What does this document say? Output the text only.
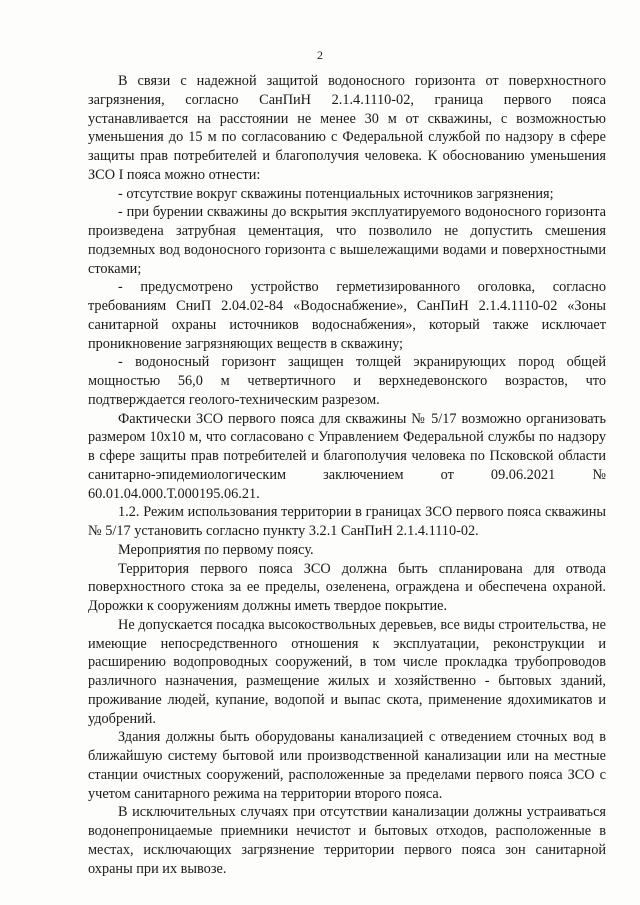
2

В связи с надежной защитой водоносного горизонта от поверхностного загрязнения, согласно СанПиН 2.1.4.1110-02, граница первого пояса устанавливается на расстоянии не менее 30 м от скважины, с возможностью уменьшения до 15 м по согласованию с Федеральной службой по надзору в сфере защиты прав потребителей и благополучия человека. К обоснованию уменьшения ЗСО I пояса можно отнести:

- отсутствие вокруг скважины потенциальных источников загрязнения;

- при бурении скважины до вскрытия эксплуатируемого водоносного горизонта произведена затрубная цементация, что позволило не допустить смешения подземных вод водоносного горизонта с вышележащими водами и поверхностными стоками;

- предусмотрено устройство герметизированного оголовка, согласно требованиям СниП 2.04.02-84 «Водоснабжение», СанПиН 2.1.4.1110-02 «Зоны санитарной охраны источников водоснабжения», который также исключает проникновение загрязняющих веществ в скважину;

- водоносный горизонт защищен толщей экранирующих пород общей мощностью 56,0 м четвертичного и верхнедевонского возрастов, что подтверждается геолого-техническим разрезом.

Фактически ЗСО первого пояса для скважины № 5/17 возможно организовать размером 10х10 м, что согласовано с Управлением Федеральной службы по надзору в сфере защиты прав потребителей и благополучия человека по Псковской области санитарно-эпидемиологическим заключением от 09.06.2021 № 60.01.04.000.Т.000195.06.21.

1.2. Режим использования территории в границах ЗСО первого пояса скважины № 5/17 установить согласно пункту 3.2.1 СанПиН 2.1.4.1110-02.

Мероприятия по первому поясу.

Территория первого пояса ЗСО должна быть спланирована для отвода поверхностного стока за ее пределы, озеленена, ограждена и обеспечена охраной. Дорожки к сооружениям должны иметь твердое покрытие.

Не допускается посадка высокоствольных деревьев, все виды строительства, не имеющие непосредственного отношения к эксплуатации, реконструкции и расширению водопроводных сооружений, в том числе прокладка трубопроводов различного назначения, размещение жилых и хозяйственно - бытовых зданий, проживание людей, купание, водопой и выпас скота, применение ядохимикатов и удобрений.

Здания должны быть оборудованы канализацией с отведением сточных вод в ближайшую систему бытовой или производственной канализации или на местные станции очистных сооружений, расположенные за пределами первого пояса ЗСО с учетом санитарного режима на территории второго пояса.

В исключительных случаях при отсутствии канализации должны устраиваться водонепроницаемые приемники нечистот и бытовых отходов, расположенные в местах, исключающих загрязнение территории первого пояса зон санитарной охраны при их вывозе.
